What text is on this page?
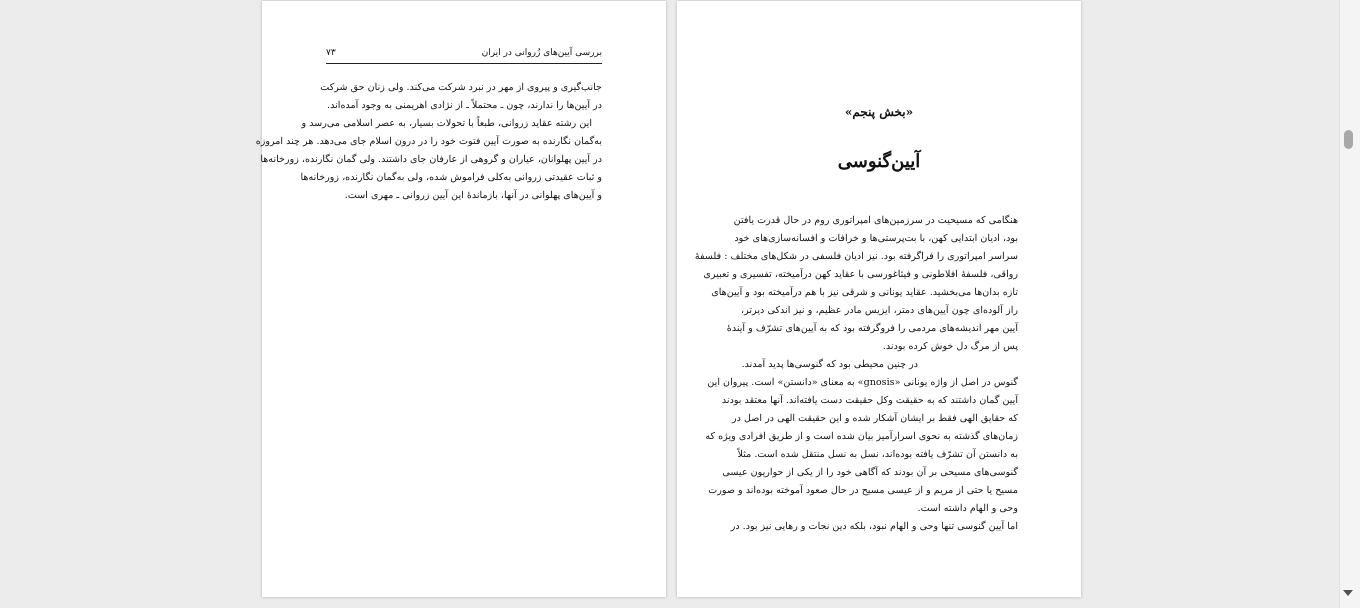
بررسی آیین‌های زُروانی در ایران
۷۳
جانب‌گیری و پیروی از مهر در نبرد شرکت می‌کند. ولی زنان حق شرکت
در آیین‌ها را ندارند، چون ـ محتملاً ـ از نژادی اهریمنی به وجود آمده‌اند.
این رشته عقاید زروانی، طبعاً با تحولات بسیار، به عصر اسلامی می‌رسد و
به‌گمان نگارنده به صورت آیین فتوت خود را در درون اسلام جای می‌دهد. هر چند امروزه
در آیین پهلوانان، عیاران و گروهی از عارفان جای داشتند. ولی گمان نگارنده، زورخانه‌ها
و ثبات عقیدتی زروانی به‌کلی فراموش شده، ولی به‌گمان نگارنده، زورخانه‌ها
و آیین‌های پهلوانی در آنها، بازماندهٔ این آیین زروانی ـ مهری است.
«بخش پنجم»
آیین‌گنوسی
هنگامی که مسیحیت در سرزمین‌های امپراتوری روم در حال قدرت یافتن
بود، ادیان ابتدایی کهن، با بت‌پرستی‌ها و خرافات و افسانه‌سازی‌های خود
سراسر امپراتوری را فراگرفته بود. نیز ادیان فلسفی در شکل‌های مختلف : فلسفهٔ
رواقی، فلسفهٔ افلاطونی و فیثاغورسی با عقاید کهن درآمیخته، تفسیری و تعبیری
تازه بدان‌ها می‌بخشید. عقاید یونانی و شرقی نیز با هم درآمیخته بود و آیین‌های
راز آلوده‌ای چون آیین‌های دمتر، ایزیس مادر عظیم، و نیز اندکی دیرتر،
آیین مهر اندیشه‌های مردمی را فروگرفته بود که به آیین‌های تشرّف و آیندهٔ
پس از مرگ دل خوش کرده بودند.
در چنین محیطی بود که گنوسی‌ها پدید آمدند.
گنوس در اصل از واژه یونانی «gnosis» به معنای «دانستن» است. پیروان این
آیین گمان داشتند که به حقیقت وکل حقیقت دست یافته‌اند. آنها معتقد بودند
که حقایق الهی فقط بر ایشان آشکار شده و این حقیقت الهی در اصل در
زمان‌های گذشته به نحوی اسرارآمیز بیان شده است و از طریق افرادی ویژه که
به دانستن آن تشرّف یافته بوده‌اند، نسل به نسل منتقل شده است. مثلاً
گنوسی‌های مسیحی بر آن بودند که آگاهی خود را از یکی از حواریون عیسی
مسیح یا حتی از مریم و از عیسی مسیح در حال صعود آموخته بوده‌اند و صورت
وحی و الهام داشته است.
اما آیین گنوسی تنها وحی و الهام نبود، بلکه دین نجات و رهایی نیز بود. در
